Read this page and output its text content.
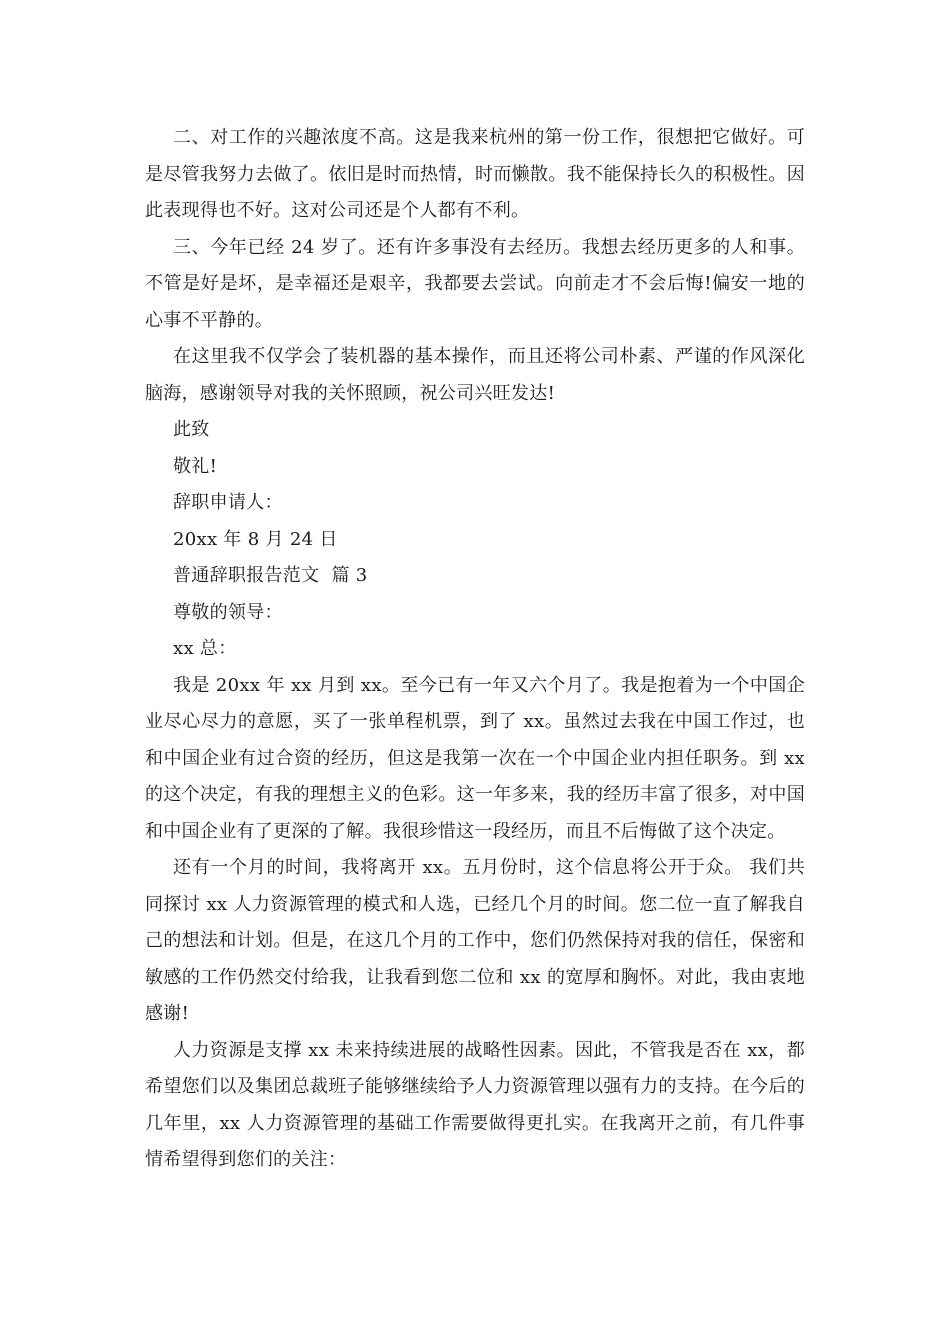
二、对工作的兴趣浓度不高。这是我来杭州的第一份工作，很想把它做好。可是尽管我努力去做了。依旧是时而热情，时而懒散。我不能保持长久的积极性。因此表现得也不好。这对公司还是个人都有不利。

三、今年已经 24 岁了。还有许多事没有去经历。我想去经历更多的人和事。不管是好是坏，是幸福还是艰辛，我都要去尝试。向前走才不会后悔!偏安一地的心事不平静的。

在这里我不仅学会了装机器的基本操作，而且还将公司朴素、严谨的作风深化脑海，感谢领导对我的关怀照顾，祝公司兴旺发达!

此致

敬礼!

辞职申请人：

20xx 年 8 月 24 日

普通辞职报告范文  篇 3

尊敬的领导：

xx 总：

我是 20xx 年 xx 月到 xx。至今已有一年又六个月了。我是抱着为一个中国企业尽心尽力的意愿，买了一张单程机票，到了 xx。虽然过去我在中国工作过，也和中国企业有过合资的经历，但这是我第一次在一个中国企业内担任职务。到 xx 的这个决定，有我的理想主义的色彩。这一年多来，我的经历丰富了很多，对中国和中国企业有了更深的了解。我很珍惜这一段经历，而且不后悔做了这个决定。

还有一个月的时间，我将离开 xx。五月份时，这个信息将公开于众。 我们共同探讨 xx 人力资源管理的模式和人选，已经几个月的时间。您二位一直了解我自己的想法和计划。但是，在这几个月的工作中，您们仍然保持对我的信任，保密和敏感的工作仍然交付给我，让我看到您二位和 xx 的宽厚和胸怀。对此，我由衷地感谢!

人力资源是支撑 xx 未来持续进展的战略性因素。因此，不管我是否在 xx，都希望您们以及集团总裁班子能够继续给予人力资源管理以强有力的支持。在今后的几年里，xx 人力资源管理的基础工作需要做得更扎实。在我离开之前，有几件事情希望得到您们的关注：
